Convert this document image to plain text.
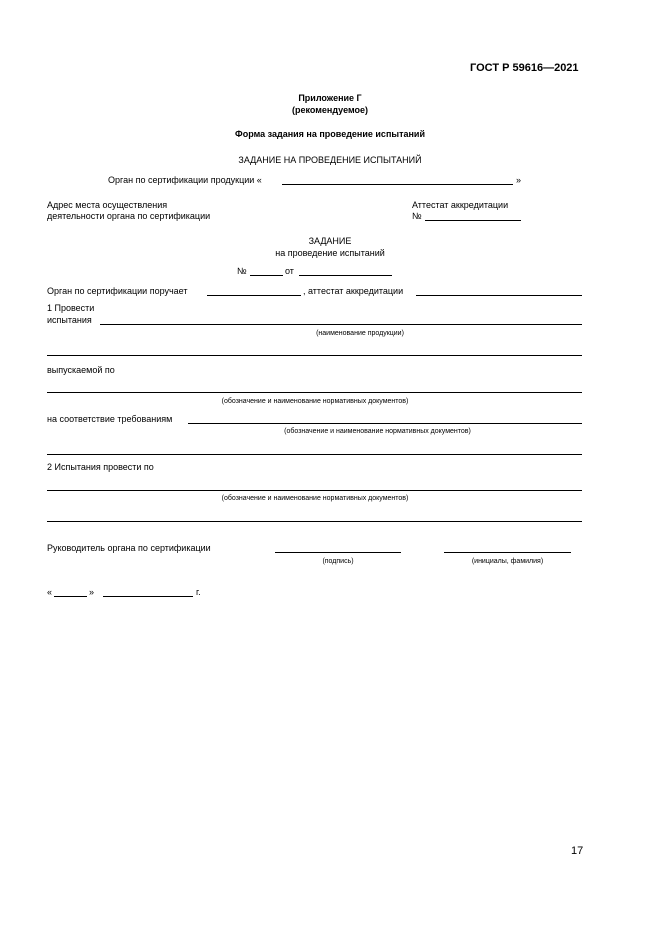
ГОСТ Р 59616—2021
Приложение Г
(рекомендуемое)
Форма задания на проведение испытаний
ЗАДАНИЕ НА ПРОВЕДЕНИЕ ИСПЫТАНИЙ
Орган по сертификации продукции «	»
Адрес места осуществления
деятельности органа по сертификации
Аттестат аккредитации
№
ЗАДАНИЕ
на проведение испытаний
№	от
Орган по сертификации поручает	, аттестат аккредитации
1 Провести
испытания
(наименование продукции)
выпускаемой по
(обозначение и наименование нормативных документов)
на соответствие требованиям
(обозначение и наименование нормативных документов)
2 Испытания провести по
(обозначение и наименование нормативных документов)
Руководитель органа по сертификации
(подпись)	(инициалы, фамилия)
«	»	г.
17
